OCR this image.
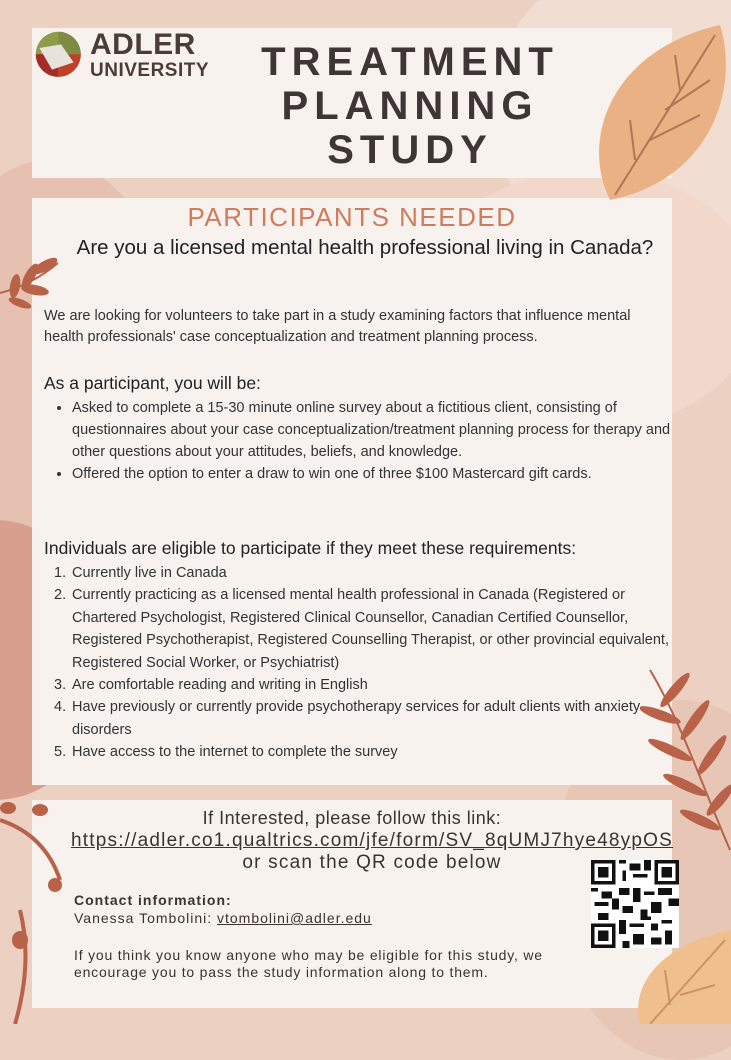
ADLER
UNIVERSITY	TREATMENT
PLANNING
STUDY
PARTICIPANTS NEEDED
Are you a licensed mental health professional living in Canada?
We are looking for volunteers to take part in a study examining factors that influence mental health professionals' case conceptualization and treatment planning process.
As a participant, you will be:
• Asked to complete a 15-30 minute online survey about a fictitious client, consisting of questionnaires about your case conceptualization/treatment planning process for therapy and other questions about your attitudes, beliefs, and knowledge.
• Offered the option to enter a draw to win one of three $100 Mastercard gift cards.
Individuals are eligible to participate if they meet these requirements:
1. Currently live in Canada
2. Currently practicing as a licensed mental health professional in Canada (Registered or Chartered Psychologist, Registered Clinical Counsellor, Canadian Certified Counsellor, Registered Psychotherapist, Registered Counselling Therapist, or other provincial equivalent, Registered Social Worker, or Psychiatrist)
3. Are comfortable reading and writing in English
4. Have previously or currently provide psychotherapy services for adult clients with anxiety disorders
5. Have access to the internet to complete the survey
If Interested, please follow this link:
https://adler.co1.qualtrics.com/jfe/form/SV_8qUMJ7hye48ypOS or scan the QR code below
Contact information:
Vanessa Tombolini: vtombolini@adler.edu
If you think you know anyone who may be eligible for this study, we encourage you to pass the study information along to them.
